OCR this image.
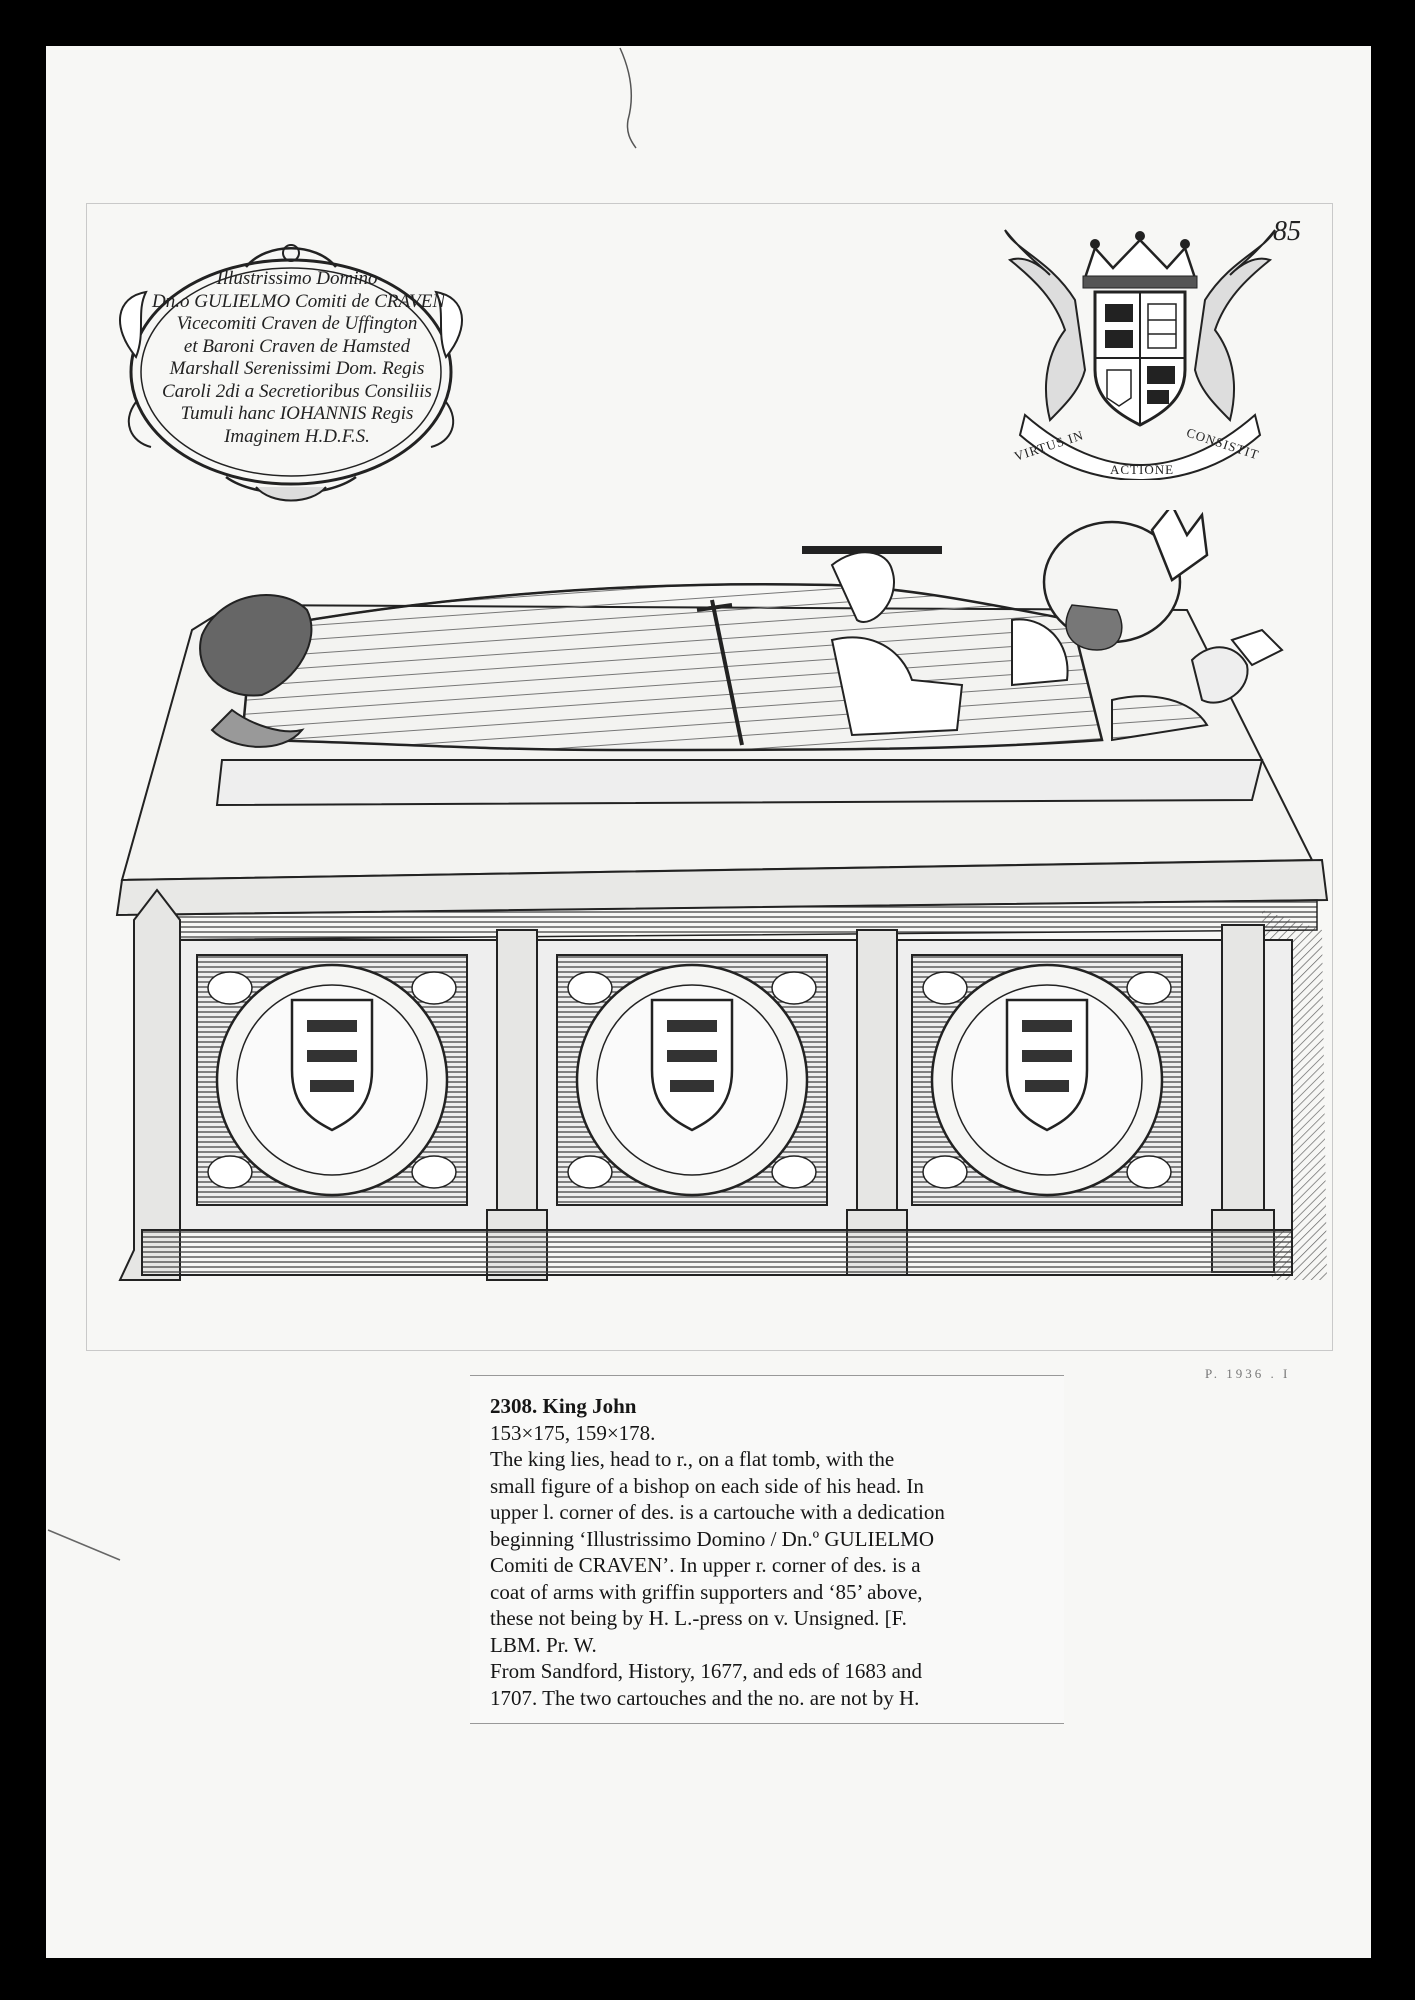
85
Illustrissimo Domino
Dn.o GULIELMO Comiti de CRAVEN
Vicecomiti Craven de Uffington
et Baroni Craven de Hamsted
Marshall Serenissimi Dom. Regis
Caroli 2di a Secretioribus Consiliis
Tumuli hanc IOHANNIS Regis
Imaginem H.D.F.S.	VIRTUS IN
ACTIONE
CONSISTIT
P. 1936 . I
2308. King John
153×175, 159×178.
The king lies, head to r., on a flat tomb, with the
small figure of a bishop on each side of his head. In
upper l. corner of des. is a cartouche with a dedication
beginning ‘Illustrissimo Domino / Dn.º GULIELMO
Comiti de CRAVEN’. In upper r. corner of des. is a
coat of arms with griffin supporters and ‘85’ above,
these not being by H. L.-press on v. Unsigned. [F.
LBM. Pr. W.
From Sandford, History, 1677, and eds of 1683 and
1707. The two cartouches and the no. are not by H.
